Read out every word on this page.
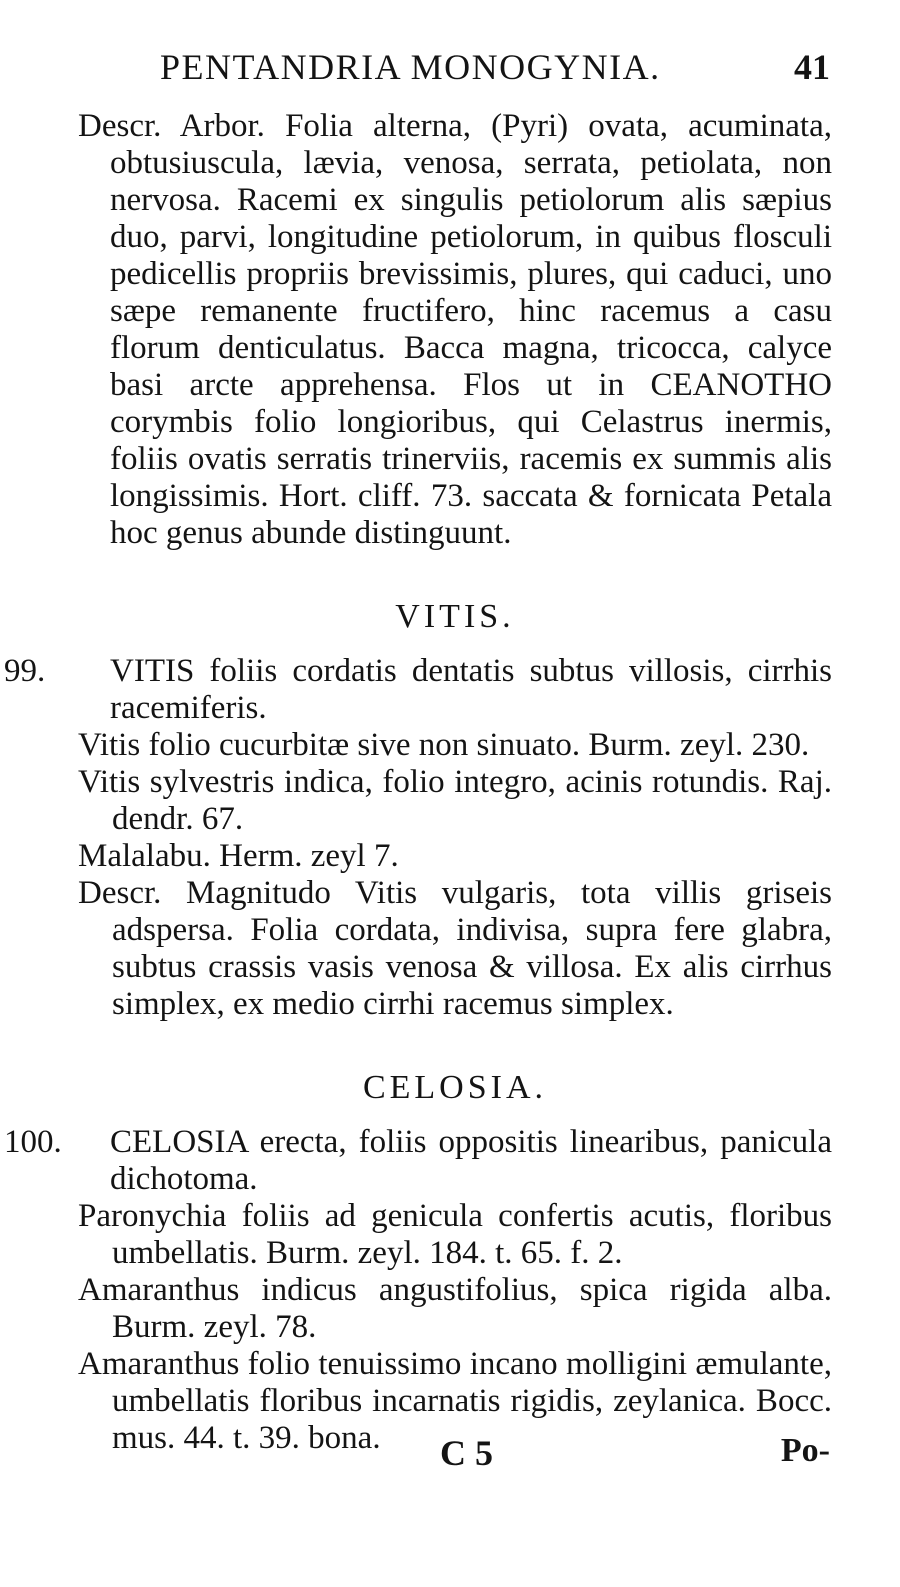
PENTANDRIA MONOGYNIA.	41

Descr. Arbor. Folia alterna, (Pyri) ovata, acuminata, obtusiuscula, lævia, venosa, serrata, petiolata, non nervosa. Racemi ex singulis petiolorum alis sæpius duo, parvi, longitudine petiolorum, in quibus flosculi pedicellis propriis brevissimis, plures, qui caduci, uno sæpe remanente fructifero, hinc racemus a casu florum denticulatus. Bacca magna, tricocca, calyce basi arcte apprehensa. Flos ut in CEANOTHO corymbis folio longioribus, qui Celastrus inermis, foliis ovatis serratis trinerviis, racemis ex summis alis longissimis. Hort. cliff. 73. saccata & fornicata Petala hoc genus abunde distinguunt.

VITIS.

99. VITIS foliis cordatis dentatis subtus villosis, cirrhis racemiferis.

Vitis folio cucurbitæ sive non sinuato. Burm. zeyl. 230.

Vitis sylvestris indica, folio integro, acinis rotundis. Raj. dendr. 67.

Malalabu. Herm. zeyl 7.

Descr. Magnitudo Vitis vulgaris, tota villis griseis adspersa. Folia cordata, indivisa, supra fere glabra, subtus crassis vasis venosa & villosa. Ex alis cirrhus simplex, ex medio cirrhi racemus simplex.

CELOSIA.

100. CELOSIA erecta, foliis oppositis linearibus, panicula dichotoma.

Paronychia foliis ad genicula confertis acutis, floribus umbellatis. Burm. zeyl. 184. t. 65. f. 2.

Amaranthus indicus angustifolius, spica rigida alba. Burm. zeyl. 78.

Amaranthus folio tenuissimo incano molligini æmulante, umbellatis floribus incarnatis rigidis, zeylanica. Bocc. mus. 44. t. 39. bona.	C 5	Po-
